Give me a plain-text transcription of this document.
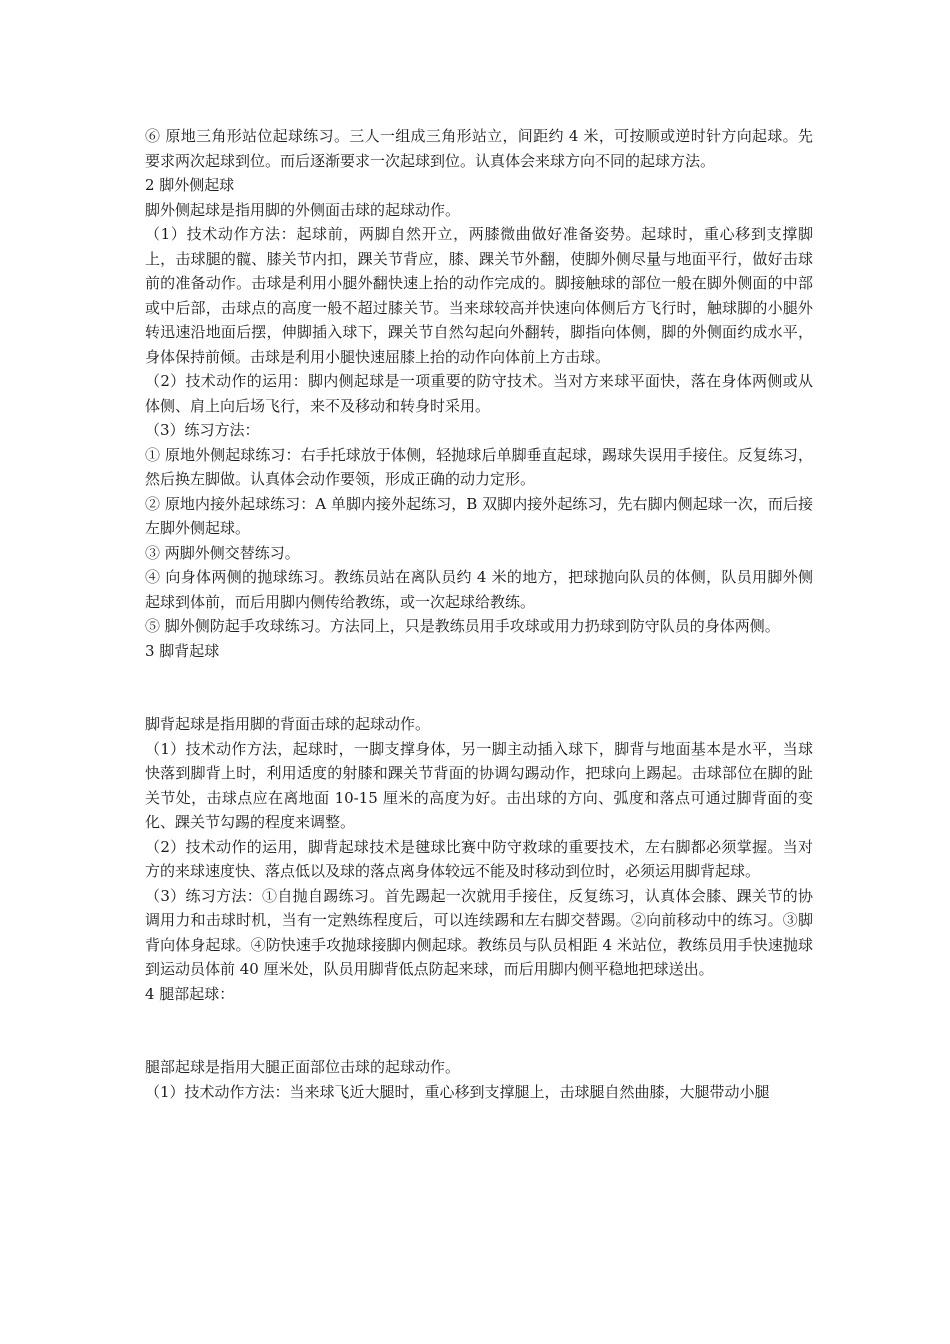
⑥ 原地三角形站位起球练习。三人一组成三角形站立，间距约 4 米，可按顺或逆时针方向起球。先要求两次起球到位。而后逐渐要求一次起球到位。认真体会来球方向不同的起球方法。

2 脚外侧起球

脚外侧起球是指用脚的外侧面击球的起球动作。

（1）技术动作方法：起球前，两脚自然开立，两膝微曲做好准备姿势。起球时，重心移到支撑脚上，击球腿的髋、膝关节内扣，踝关节背应，膝、踝关节外翻，使脚外侧尽量与地面平行，做好击球前的准备动作。击球是利用小腿外翻快速上抬的动作完成的。脚接触球的部位一般在脚外侧面的中部或中后部，击球点的高度一般不超过膝关节。当来球较高并快速向体侧后方飞行时，触球脚的小腿外转迅速沿地面后摆，伸脚插入球下，踝关节自然勾起向外翻转，脚指向体侧，脚的外侧面约成水平，身体保持前倾。击球是利用小腿快速屈膝上抬的动作向体前上方击球。

（2）技术动作的运用：脚内侧起球是一项重要的防守技术。当对方来球平面快，落在身体两侧或从体侧、肩上向后场飞行，来不及移动和转身时采用。

（3）练习方法：

① 原地外侧起球练习：右手托球放于体侧，轻抛球后单脚垂直起球，踢球失误用手接住。反复练习，然后换左脚做。认真体会动作要领，形成正确的动力定形。

② 原地内接外起球练习：A 单脚内接外起练习，B 双脚内接外起练习，先右脚内侧起球一次，而后接左脚外侧起球。

③ 两脚外侧交替练习。

④ 向身体两侧的抛球练习。教练员站在离队员约 4 米的地方，把球抛向队员的体侧，队员用脚外侧起球到体前，而后用脚内侧传给教练，或一次起球给教练。

⑤ 脚外侧防起手攻球练习。方法同上，只是教练员用手攻球或用力扔球到防守队员的身体两侧。

3 脚背起球

脚背起球是指用脚的背面击球的起球动作。

（1）技术动作方法，起球时，一脚支撑身体，另一脚主动插入球下，脚背与地面基本是水平，当球快落到脚背上时，利用适度的射膝和踝关节背面的协调勾踢动作，把球向上踢起。击球部位在脚的趾关节处，击球点应在离地面 10-15 厘米的高度为好。击出球的方向、弧度和落点可通过脚背面的变化、踝关节勾踢的程度来调整。

（2）技术动作的运用，脚背起球技术是毽球比赛中防守救球的重要技术，左右脚都必须掌握。当对方的来球速度快、落点低以及球的落点离身体较远不能及时移动到位时，必须运用脚背起球。

（3）练习方法：①自抛自踢练习。首先踢起一次就用手接住，反复练习，认真体会膝、踝关节的协调用力和击球时机，当有一定熟练程度后，可以连续踢和左右脚交替踢。②向前移动中的练习。③脚背向体身起球。④防快速手攻抛球接脚内侧起球。教练员与队员相距 4 米站位，教练员用手快速抛球到运动员体前 40 厘米处，队员用脚背低点防起来球，而后用脚内侧平稳地把球送出。

4 腿部起球：

腿部起球是指用大腿正面部位击球的起球动作。

（1）技术动作方法：当来球飞近大腿时，重心移到支撑腿上，击球腿自然曲膝，大腿带动小腿
